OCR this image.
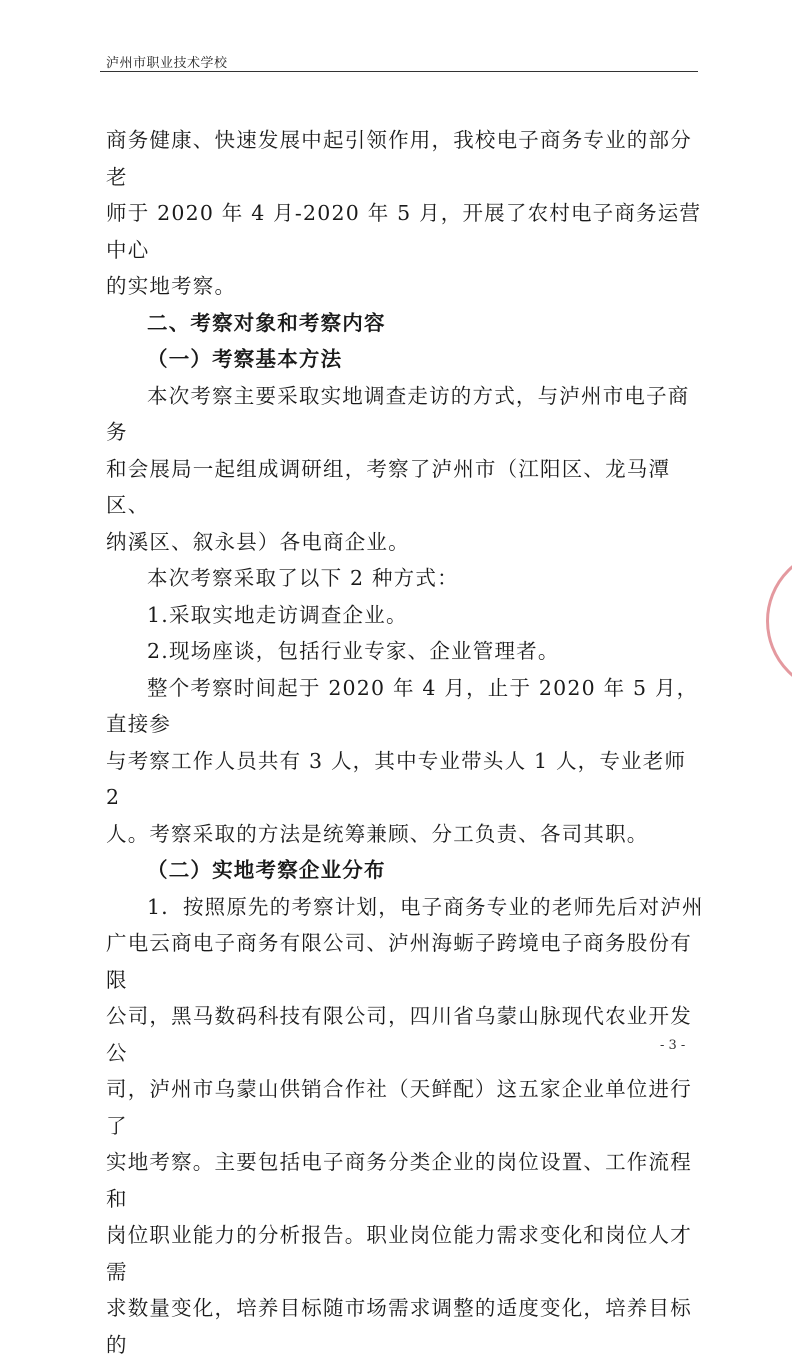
泸州市职业技术学校

商务健康、快速发展中起引领作用，我校电子商务专业的部分老

师于 2020 年 4 月-2020 年 5 月，开展了农村电子商务运营中心

的实地考察。

二、考察对象和考察内容

（一）考察基本方法

本次考察主要采取实地调查走访的方式，与泸州市电子商务

和会展局一起组成调研组，考察了泸州市（江阳区、龙马潭区、

纳溪区、叙永县）各电商企业。

本次考察采取了以下 2 种方式：

1.采取实地走访调查企业。

2.现场座谈，包括行业专家、企业管理者。

整个考察时间起于 2020 年 4 月，止于 2020 年 5 月，直接参

与考察工作人员共有 3 人，其中专业带头人 1 人，专业老师 2

人。考察采取的方法是统筹兼顾、分工负责、各司其职。

（二）实地考察企业分布

1．按照原先的考察计划，电子商务专业的老师先后对泸州

广电云商电子商务有限公司、泸州海蛎子跨境电子商务股份有限

公司，黑马数码科技有限公司，四川省乌蒙山脉现代农业开发公

司，泸州市乌蒙山供销合作社（天鲜配）这五家企业单位进行了

实地考察。主要包括电子商务分类企业的岗位设置、工作流程和

岗位职业能力的分析报告。职业岗位能力需求变化和岗位人才需

求数量变化，培养目标随市场需求调整的适度变化，培养目标的

- 3 -
